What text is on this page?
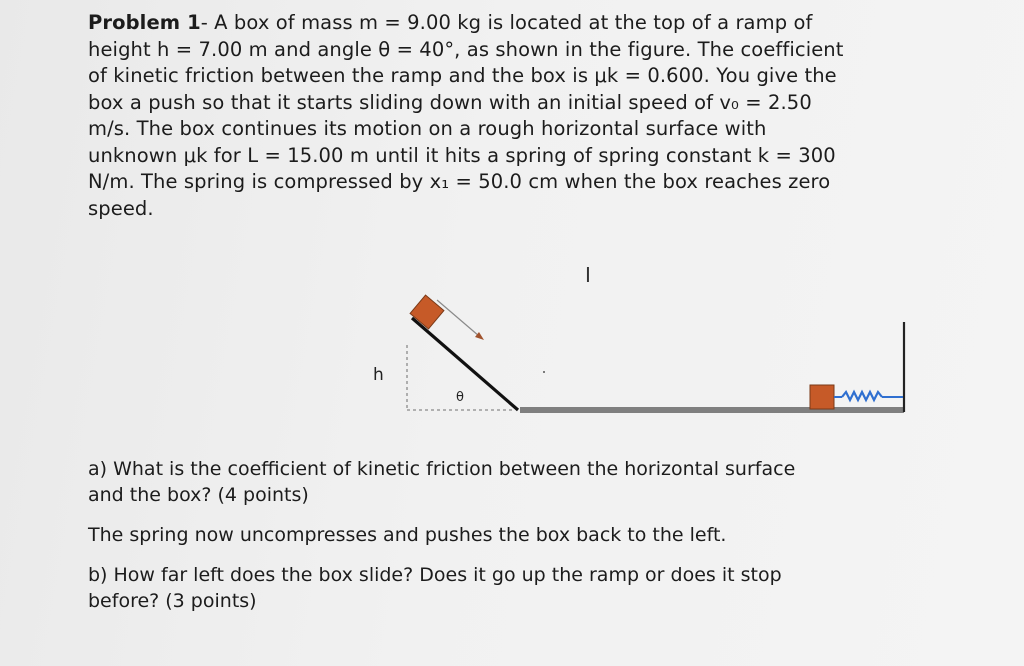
Problem 1- A box of mass m = 9.00 kg is located at the top of a ramp of
height h = 7.00 m and angle θ = 40°, as shown in the figure. The coefficient
of kinetic friction between the ramp and the box is μk = 0.600. You give the
box a push so that it starts sliding down with an initial speed of v₀ = 2.50
m/s. The box continues its motion on a rough horizontal surface with
unknown μk for L = 15.00 m until it hits a spring of spring constant k = 300
N/m. The spring is compressed by x₁ = 50.0 cm when the box reaches zero
speed.
h
θ
I
a) What is the coefficient of kinetic friction between the horizontal surface
and the box? (4 points)
The spring now uncompresses and pushes the box back to the left.
b) How far left does the box slide? Does it go up the ramp or does it stop
before? (3 points)
